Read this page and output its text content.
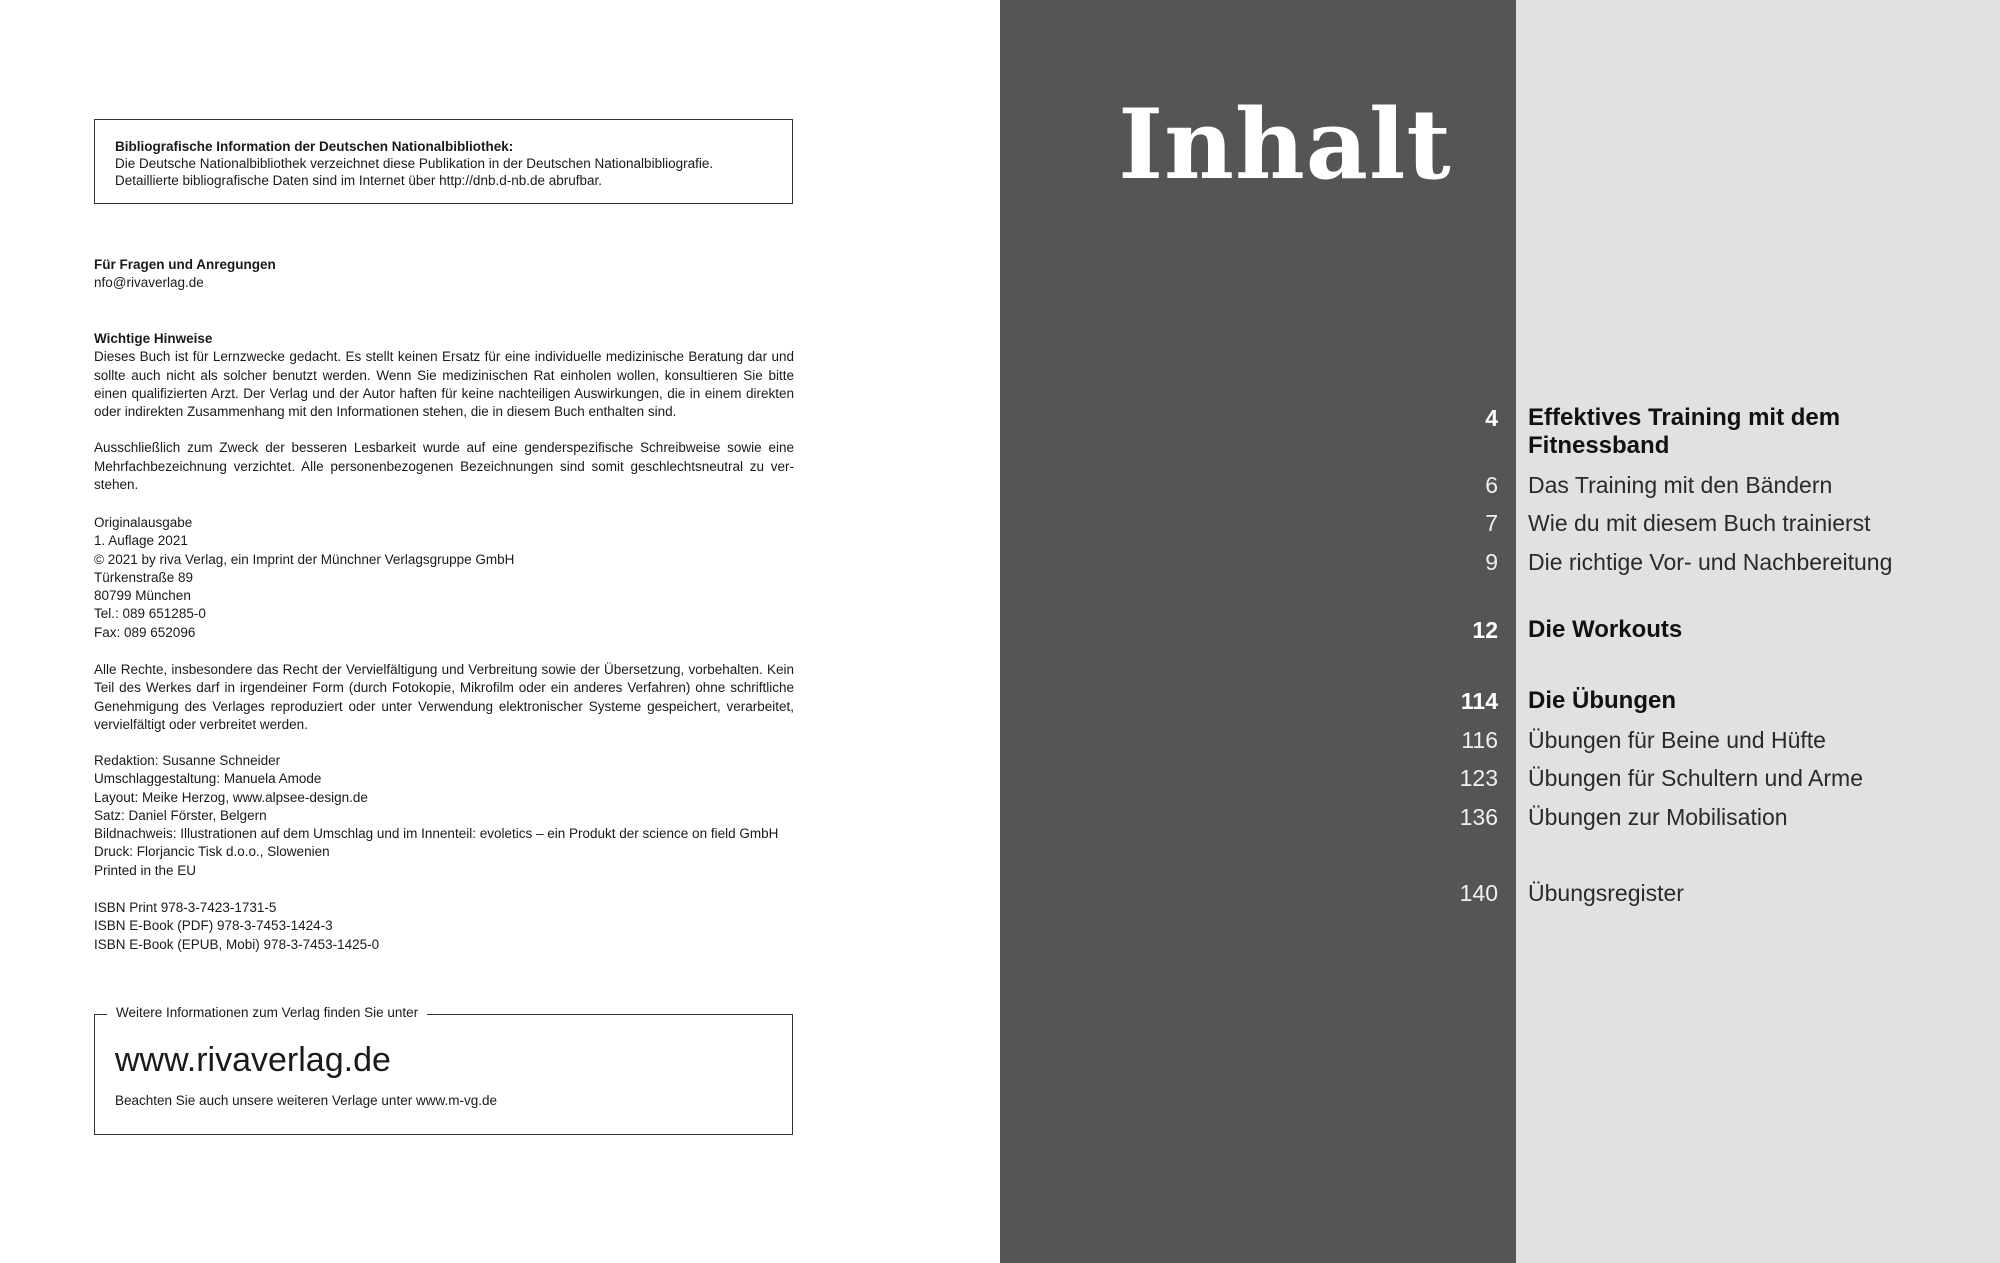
Bibliografische Information der Deutschen Nationalbibliothek:
Die Deutsche Nationalbibliothek verzeichnet diese Publikation in der Deutschen Nationalbibliografie.
Detaillierte bibliografische Daten sind im Internet über http://dnb.d-nb.de abrufbar.
Für Fragen und Anregungen
nfo@rivaverlag.de
Wichtige Hinweise
Dieses Buch ist für Lernzwecke gedacht. Es stellt keinen Ersatz für eine individuelle medizinische Beratung dar und sollte auch nicht als solcher benutzt werden. Wenn Sie medizinischen Rat einholen wollen, konsultieren Sie bitte einen qualifizierten Arzt. Der Verlag und der Autor haften für keine nachteiligen Auswirkungen, die in einem direkten oder indirekten Zusammenhang mit den Informationen stehen, die in diesem Buch enthalten sind.
Ausschließlich zum Zweck der besseren Lesbarkeit wurde auf eine genderspezifische Schreibweise sowie eine Mehrfachbezeichnung verzichtet. Alle personenbezogenen Bezeichnungen sind somit geschlechtsneutral zu verstehen.
Originalausgabe
1. Auflage 2021
© 2021 by riva Verlag, ein Imprint der Münchner Verlagsgruppe GmbH
Türkenstraße 89
80799 München
Tel.: 089 651285-0
Fax: 089 652096
Alle Rechte, insbesondere das Recht der Vervielfältigung und Verbreitung sowie der Übersetzung, vorbehalten. Kein Teil des Werkes darf in irgendeiner Form (durch Fotokopie, Mikrofilm oder ein anderes Verfahren) ohne schriftliche Genehmigung des Verlages reproduziert oder unter Verwendung elektronischer Systeme gespeichert, verarbeitet, vervielfältigt oder verbreitet werden.
Redaktion: Susanne Schneider
Umschlaggestaltung: Manuela Amode
Layout: Meike Herzog, www.alpsee-design.de
Satz: Daniel Förster, Belgern
Bildnachweis: Illustrationen auf dem Umschlag und im Innenteil: evoletics – ein Produkt der science on field GmbH
Druck: Florjancic Tisk d.o.o., Slowenien
Printed in the EU
ISBN Print 978-3-7423-1731-5
ISBN E-Book (PDF) 978-3-7453-1424-3
ISBN E-Book (EPUB, Mobi) 978-3-7453-1425-0
Weitere Informationen zum Verlag finden Sie unter
www.rivaverlag.de
Beachten Sie auch unsere weiteren Verlage unter www.m-vg.de
Inhalt
4 Effektives Training mit dem Fitnessband
6 Das Training mit den Bändern
7 Wie du mit diesem Buch trainierst
9 Die richtige Vor- und Nachbereitung
12 Die Workouts
114 Die Übungen
116 Übungen für Beine und Hüfte
123 Übungen für Schultern und Arme
136 Übungen zur Mobilisation
140 Übungsregister
